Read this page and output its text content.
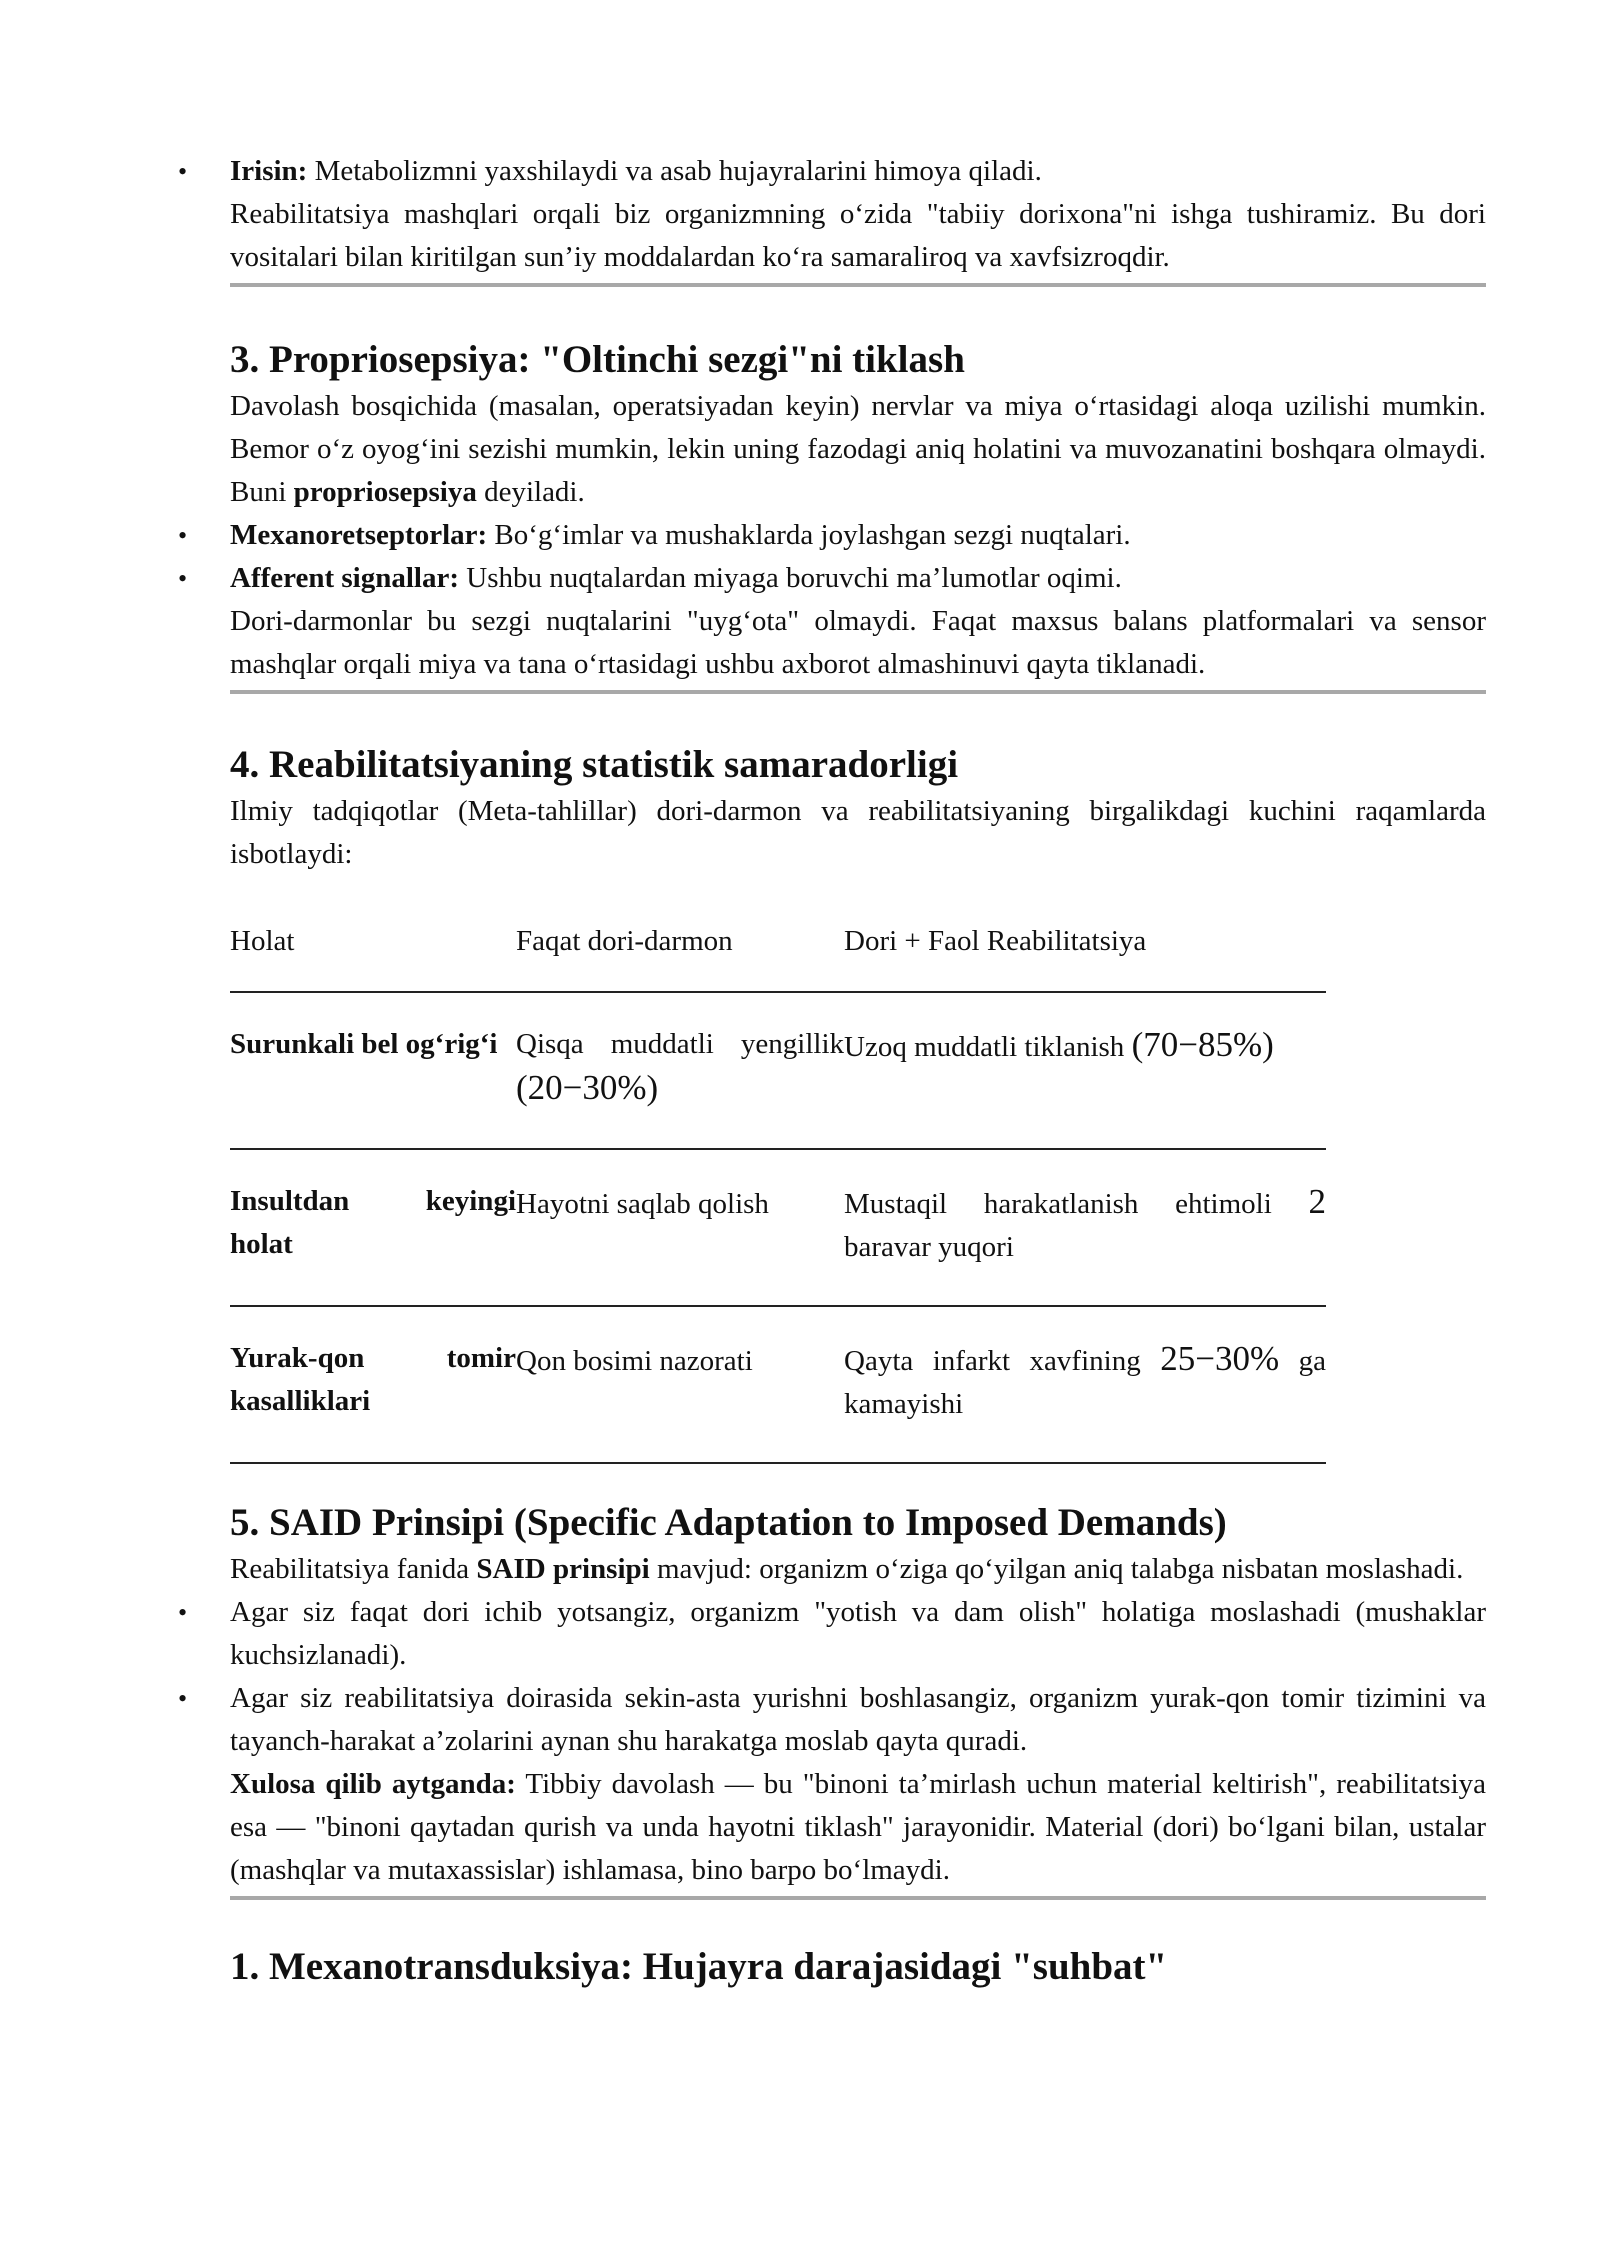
• Irisin: Metabolizmni yaxshilaydi va asab hujayralarini himoya qiladi.

Reabilitatsiya mashqlari orqali biz organizmning o‘zida "tabiiy dorixona"ni ishga tushiramiz. Bu dori vositalari bilan kiritilgan sun’iy moddalardan ko‘ra samaraliroq va xavfsizroqdir.

3. Propriosepsiya: "Oltinchi sezgi"ni tiklash

Davolash bosqichida (masalan, operatsiyadan keyin) nervlar va miya o‘rtasidagi aloqa uzilishi mumkin. Bemor o‘z oyog‘ini sezishi mumkin, lekin uning fazodagi aniq holatini va muvozanatini boshqara olmaydi. Buni propriosepsiya deyiladi.

• Mexanoretseptorlar: Bo‘g‘imlar va mushaklarda joylashgan sezgi nuqtalari.

• Afferent signallar: Ushbu nuqtalardan miyaga boruvchi ma’lumotlar oqimi.

Dori-darmonlar bu sezgi nuqtalarini "uyg‘ota" olmaydi. Faqat maxsus balans platformalari va sensor mashqlar orqali miya va tana o‘rtasidagi ushbu axborot almashinuvi qayta tiklanadi.

4. Reabilitatsiyaning statistik samaradorligi

Ilmiy tadqiqotlar (Meta-tahlillar) dori-darmon va reabilitatsiyaning birgalikdagi kuchini raqamlarda isbotlaydi:

Holat	Faqat dori-darmon	Dori + Faol Reabilitatsiya
Surunkali bel og‘rig‘i	Qisqa muddatli yengillik (20−30%)	Uzoq muddatli tiklanish (70−85%)
Insultdan keyingi holat	Hayotni saqlab qolish	Mustaqil harakatlanish ehtimoli 2 baravar yuqori
Yurak-qon tomir kasalliklari	Qon bosimi nazorati	Qayta infarkt xavfining 25−30% ga kamayishi
5. SAID Prinsipi (Specific Adaptation to Imposed Demands)

Reabilitatsiya fanida SAID prinsipi mavjud: organizm o‘ziga qo‘yilgan aniq talabga nisbatan moslashadi.

• Agar siz faqat dori ichib yotsangiz, organizm "yotish va dam olish" holatiga moslashadi (mushaklar kuchsizlanadi).

• Agar siz reabilitatsiya doirasida sekin-asta yurishni boshlasangiz, organizm yurak-qon tomir tizimini va tayanch-harakat a’zolarini aynan shu harakatga moslab qayta quradi.

Xulosa qilib aytganda: Tibbiy davolash — bu "binoni ta’mirlash uchun material keltirish", reabilitatsiya esa — "binoni qaytadan qurish va unda hayotni tiklash" jarayonidir. Material (dori) bo‘lgani bilan, ustalar (mashqlar va mutaxassislar) ishlamasa, bino barpo bo‘lmaydi.

1. Mexanotransduksiya: Hujayra darajasidagi "suhbat"
